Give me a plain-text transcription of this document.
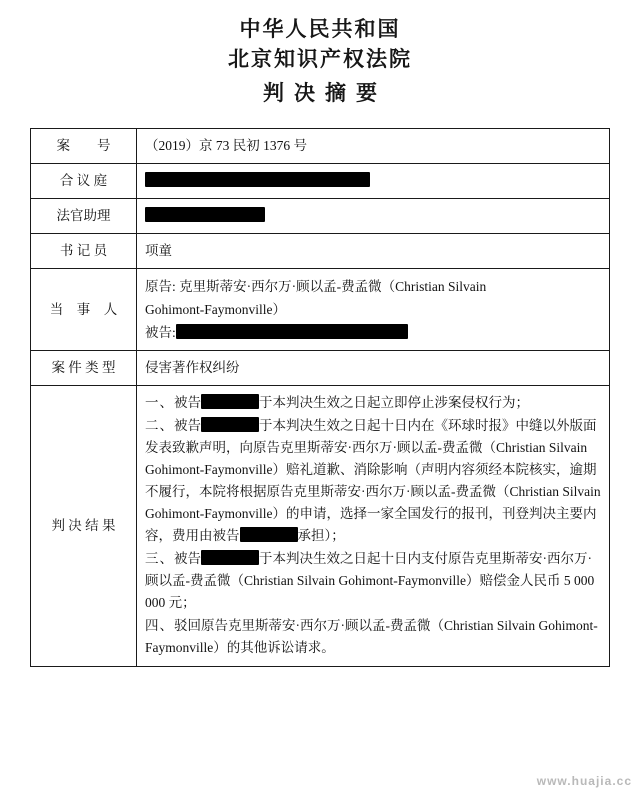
中华人民共和国
北京知识产权法院
判决摘要
案　　号	（2019）京 73 民初 1376 号
合 议 庭	
法官助理	
书 记 员	项童
当　事　人	原告: 克里斯蒂安·西尔万·顾以孟-费孟微（Christian Silvain
Gohimont-Faymonville）
被告:

案 件 类 型	侵害著作权纠纷
判 决 结 果	一、被告 于本判决生效之日起立即停止涉案侵权行为；
二、被告 于本判决生效之日起十日内在《环球时报》中缝以外版面发表致歉声明，向原告克里斯蒂安·西尔万·顾以孟-费孟微（Christian Silvain Gohimont-Faymonville）赔礼道歉、消除影响（声明内容须经本院核实，逾期不履行，本院将根据原告克里斯蒂安·西尔万·顾以孟-费孟微（Christian Silvain Gohimont-Faymonville）的申请，选择一家全国发行的报刊，刊登判决主要内容，费用由被告 承担）；
三、被告 于本判决生效之日起十日内支付原告克里斯蒂安·西尔万·顾以孟-费孟微（Christian Silvain Gohimont-Faymonville）赔偿金人民币 5 000 000 元；
四、驳回原告克里斯蒂安·西尔万·顾以孟-费孟微（Christian Silvain Gohimont-Faymonville）的其他诉讼请求。
www.huajia.cc
